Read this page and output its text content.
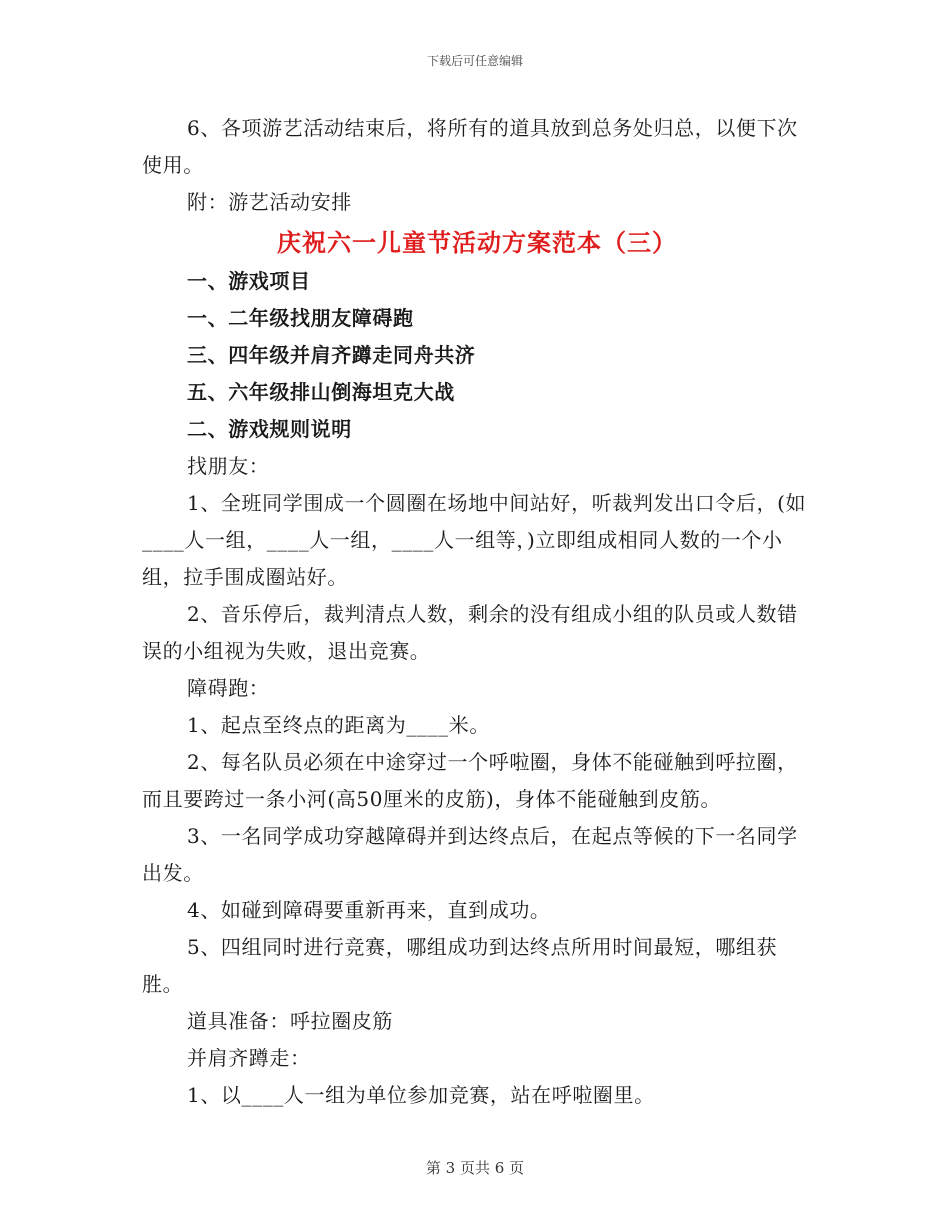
下载后可任意编辑

6、各项游艺活动结束后，将所有的道具放到总务处归总，以便下次使用。

附：游艺活动安排

庆祝六一儿童节活动方案范本（三）

一、游戏项目

一、二年级找朋友障碍跑

三、四年级并肩齐蹲走同舟共济

五、六年级排山倒海坦克大战

二、游戏规则说明

找朋友：

1、全班同学围成一个圆圈在场地中间站好，听裁判发出口令后，(如____人一组，____人一组，____人一组等，)立即组成相同人数的一个小组，拉手围成圈站好。

2、音乐停后，裁判清点人数，剩余的没有组成小组的队员或人数错误的小组视为失败，退出竞赛。

障碍跑：

1、起点至终点的距离为____米。

2、每名队员必须在中途穿过一个呼啦圈，身体不能碰触到呼拉圈，而且要跨过一条小河(高50厘米的皮筋)，身体不能碰触到皮筋。

3、一名同学成功穿越障碍并到达终点后，在起点等候的下一名同学出发。

4、如碰到障碍要重新再来，直到成功。

5、四组同时进行竞赛，哪组成功到达终点所用时间最短，哪组获胜。

道具准备：呼拉圈皮筋

并肩齐蹲走：

1、以____人一组为单位参加竞赛，站在呼啦圈里。

第 3 页共 6 页
